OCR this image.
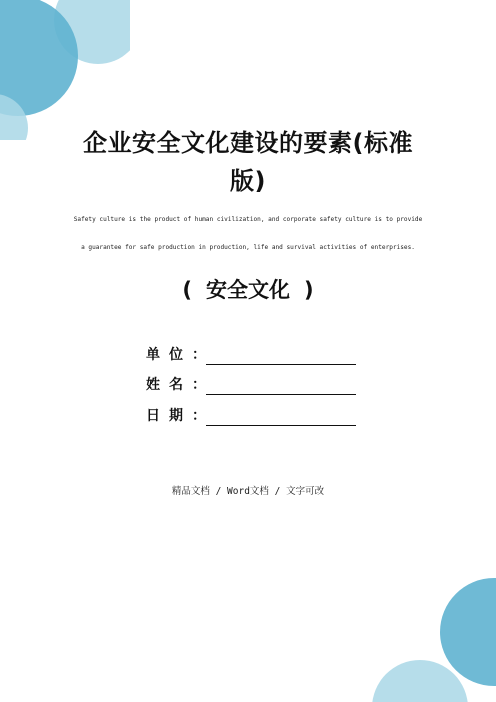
企业安全文化建设的要素(标准
版)
Safety culture is the product of human civilization, and corporate safety culture is to provide
a guarantee for safe production in production, life and survival activities of enterprises.
( 安全文化 )
单 位 ：
姓 名 ：
日 期 ：
精品文档 / Word文档 / 文字可改
